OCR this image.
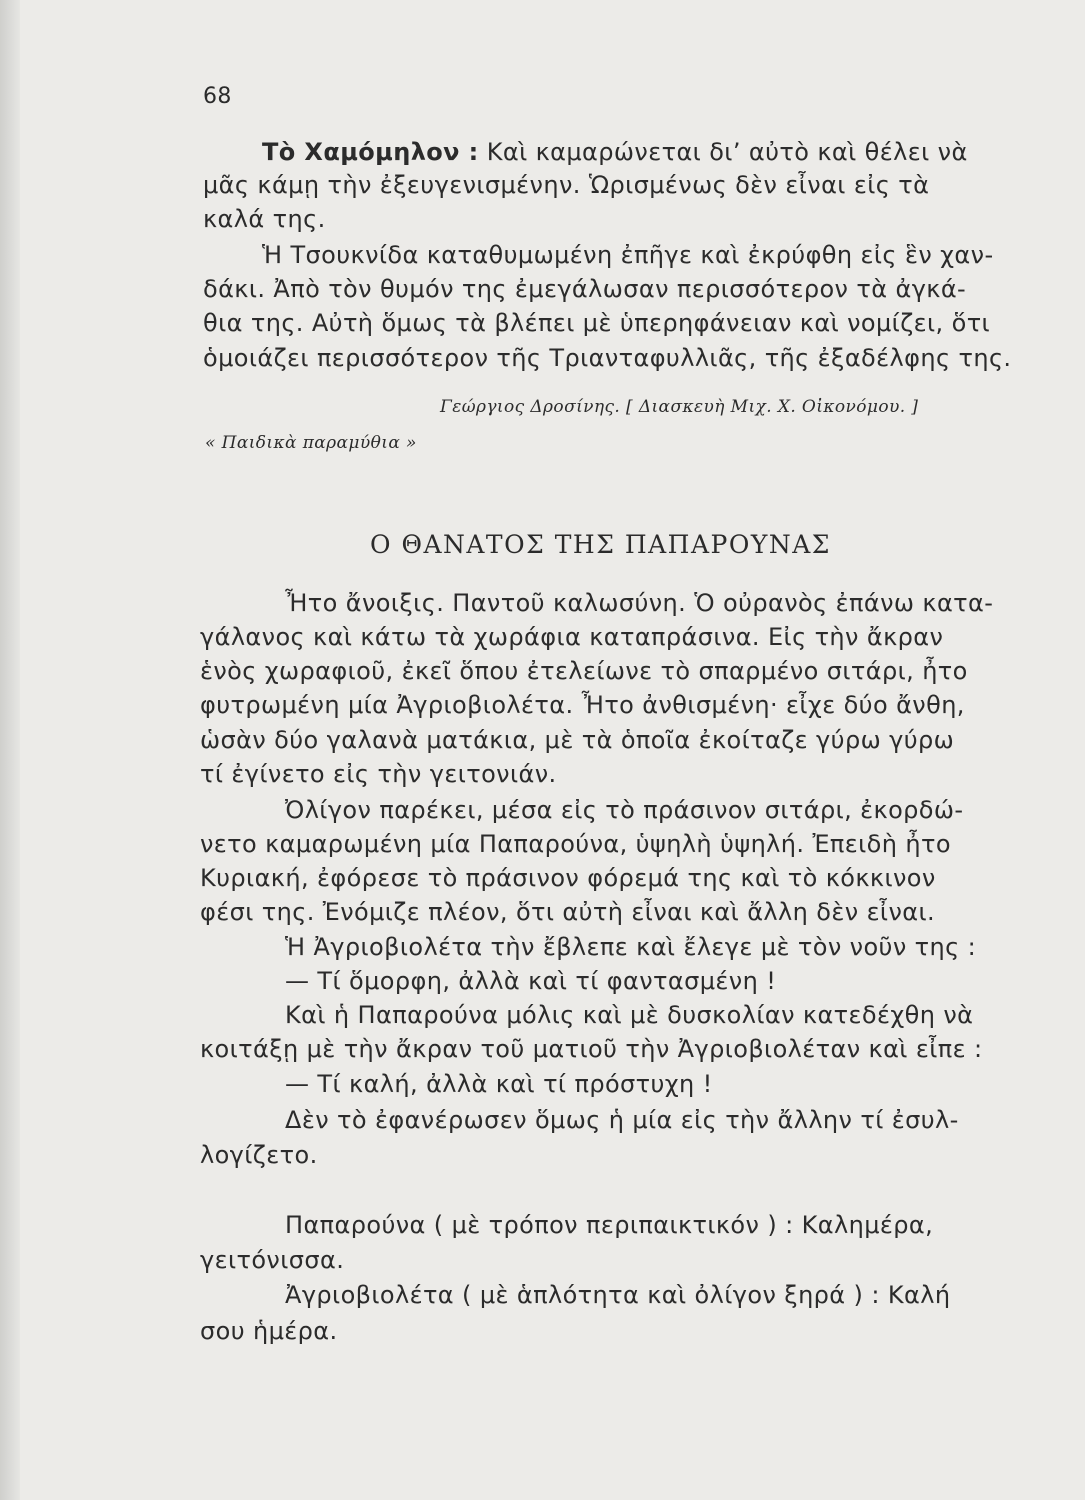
68
Τὸ Χαμόμηλον : Καὶ καμαρώνεται δι’ αὐτὸ καὶ θέλει νὰ
μᾶς κάμῃ τὴν ἐξευγενισμένην. Ὡρισμένως δὲν εἶναι εἰς τὰ
καλά της.
Ἡ Τσουκνίδα καταθυμωμένη ἐπῆγε καὶ ἐκρύφθη εἰς ἓν χαν-
δάκι. Ἀπὸ τὸν θυμόν της ἐμεγάλωσαν περισσότερον τὰ ἀγκά-
θια της. Αὐτὴ ὅμως τὰ βλέπει μὲ ὑπερηφάνειαν καὶ νομίζει, ὅτι
ὁμοιάζει περισσότερον τῆς Τριανταφυλλιᾶς, τῆς ἐξαδέλφης της.
Γεώργιος Δροσίνης. [ Διασκευὴ Μιχ. Χ. Οἰκονόμου. ]
« Παιδικὰ παραμύθια »
Ο ΘΑΝΑΤΟΣ ΤΗΣ ΠΑΠΑΡΟΥΝΑΣ
Ἦτο ἄνοιξις. Παντοῦ καλωσύνη. Ὁ οὐρανὸς ἐπάνω κατα-
γάλανος καὶ κάτω τὰ χωράφια καταπράσινα. Εἰς τὴν ἄκραν
ἑνὸς χωραφιοῦ, ἐκεῖ ὅπου ἐτελείωνε τὸ σπαρμένο σιτάρι, ἦτο
φυτρωμένη μία Ἀγριοβιολέτα. Ἦτο ἀνθισμένη· εἶχε δύο ἄνθη,
ὡσὰν δύο γαλανὰ ματάκια, μὲ τὰ ὁποῖα ἐκοίταζε γύρω γύρω
τί ἐγίνετο εἰς τὴν γειτονιάν.
Ὀλίγον παρέκει, μέσα εἰς τὸ πράσινον σιτάρι, ἐκορδώ-
νετο καμαρωμένη μία Παπαρούνα, ὑψηλὴ ὑψηλή. Ἐπειδὴ ἦτο
Κυριακή, ἐφόρεσε τὸ πράσινον φόρεμά της καὶ τὸ κόκκινον
φέσι της. Ἐνόμιζε πλέον, ὅτι αὐτὴ εἶναι καὶ ἄλλη δὲν εἶναι.
Ἡ Ἀγριοβιολέτα τὴν ἔβλεπε καὶ ἔλεγε μὲ τὸν νοῦν της :
— Τί ὅμορφη, ἀλλὰ καὶ τί φαντασμένη !
Καὶ ἡ Παπαρούνα μόλις καὶ μὲ δυσκολίαν κατεδέχθη νὰ
κοιτάξῃ μὲ τὴν ἄκραν τοῦ ματιοῦ τὴν Ἀγριοβιολέταν καὶ εἶπε :
— Τί καλή, ἀλλὰ καὶ τί πρόστυχη !
Δὲν τὸ ἐφανέρωσεν ὅμως ἡ μία εἰς τὴν ἄλλην τί ἐσυλ-
λογίζετο.
Παπαρούνα ( μὲ τρόπον περιπαικτικόν ) : Καλημέρα,
γειτόνισσα.
Ἀγριοβιολέτα ( μὲ ἁπλότητα καὶ ὀλίγον ξηρά ) : Καλή
σου ἡμέρα.
